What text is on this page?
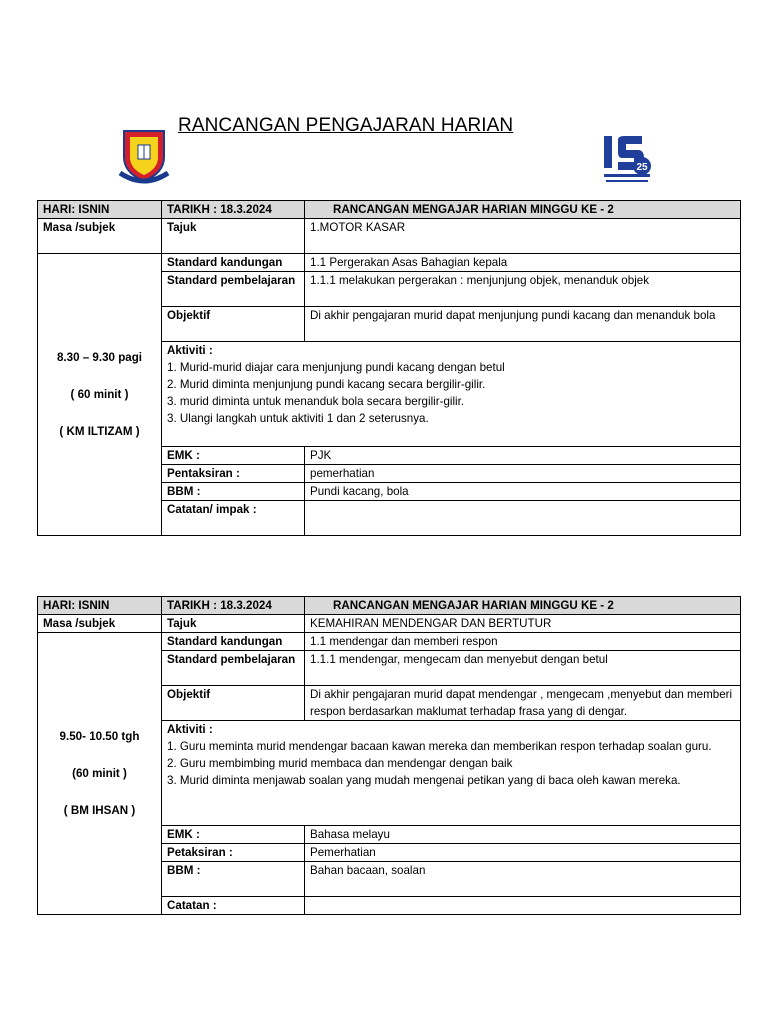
RANCANGAN PENGAJARAN HARIAN
25
HARI: ISNIN	TARIKH : 18.3.2024	RANCANGAN MENGAJAR HARIAN MINGGU KE - 2
Masa /subjek	Tajuk	1.MOTOR KASAR

8.30 – 9.30 pagi
( 60 minit )
( KM ILTIZAM )	Standard kandungan	1.1 Pergerakan Asas Bahagian kepala
	Standard pembelajaran	1.1.1 melakukan pergerakan : menjunjung objek, menanduk objek
	Objektif	Di akhir pengajaran murid dapat menjunjung pundi kacang dan menanduk bola

	Aktiviti :
1. Murid-murid diajar cara menjunjung pundi kacang dengan betul
2. Murid diminta menjunjung pundi kacang secara bergilir-gilir.
3. murid diminta untuk menanduk bola secara bergilir-gilir.
3. Ulangi langkah untuk aktiviti 1 dan 2 seterusnya.	

	EMK :	PJK
	Pentaksiran :	pemerhatian
	BBM :	Pundi kacang, bola
	Catatan/ impak :	
HARI: ISNIN	TARIKH : 18.3.2024	RANCANGAN MENGAJAR HARIAN MINGGU KE - 2
Masa /subjek	Tajuk	KEMAHIRAN MENDENGAR DAN BERTUTUR

9.50- 10.50 tgh
(60 minit )
( BM IHSAN )	Standard kandungan	1.1 mendengar dan memberi respon
	Standard pembelajaran	1.1.1 mendengar, mengecam dan menyebut dengan betul
	Objektif	Di akhir pengajaran murid dapat mendengar , mengecam ,menyebut dan memberi respon berdasarkan maklumat terhadap frasa yang di dengar.

	Aktiviti :
1. Guru meminta murid mendengar bacaan kawan mereka dan memberikan respon terhadap soalan guru.
2. Guru membimbing murid membaca dan mendengar dengan baik
3. Murid diminta menjawab soalan yang mudah mengenai petikan yang di baca oleh kawan mereka.	

	EMK :	Bahasa melayu
	Petaksiran :	Pemerhatian
	BBM :	Bahan bacaan, soalan
	Catatan :	
